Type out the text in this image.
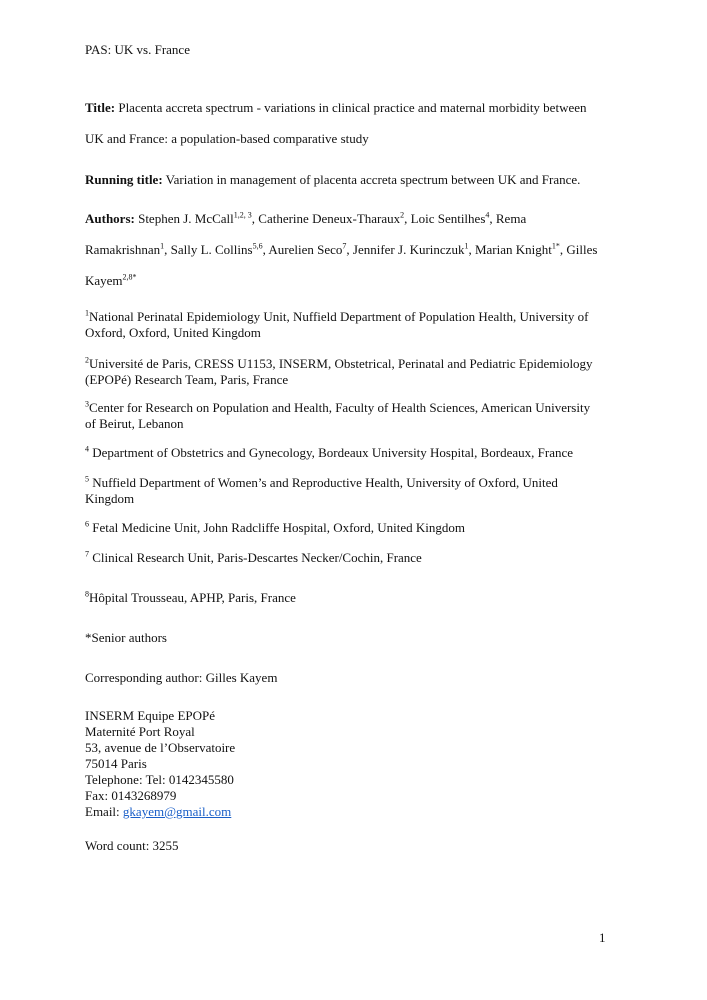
PAS: UK vs. France
Title: Placenta accreta spectrum - variations in clinical practice and maternal morbidity between
UK and France: a population-based comparative study
Running title: Variation in management of placenta accreta spectrum between UK and France.
Authors: Stephen J. McCall$^{1,2, 3}$, Catherine Deneux-Tharaux$^2$, Loic Sentilhes$^4$, Rema
Ramakrishnan$^1$, Sally L. Collins$^{5,6}$, Aurelien Seco$^7$, Jennifer J. Kurinczuk$^1$, Marian Knight$^{1*}$, Gilles
Kayem$^{2,8*}$
$^1$National Perinatal Epidemiology Unit, Nuffield Department of Population Health, University of
Oxford, Oxford, United Kingdom
$^2$Université de Paris, CRESS U1153, INSERM, Obstetrical, Perinatal and Pediatric Epidemiology
(EPOPé) Research Team, Paris, France
$^3$Center for Research on Population and Health, Faculty of Health Sciences, American University
of Beirut, Lebanon
$^4$ Department of Obstetrics and Gynecology, Bordeaux University Hospital, Bordeaux, France
$^5$ Nuffield Department of Women’s and Reproductive Health, University of Oxford, United
Kingdom
$^6$ Fetal Medicine Unit, John Radcliffe Hospital, Oxford, United Kingdom
$^7$ Clinical Research Unit, Paris-Descartes Necker/Cochin, France
$^8$Hôpital Trousseau, APHP, Paris, France
*Senior authors
Corresponding author: Gilles Kayem
INSERM Equipe EPOPé
Maternité Port Royal
53, avenue de l’Observatoire
75014 Paris
Telephone: Tel: 0142345580
Fax: 0143268979
Email: gkayem@gmail.com
Word count: 3255
1
